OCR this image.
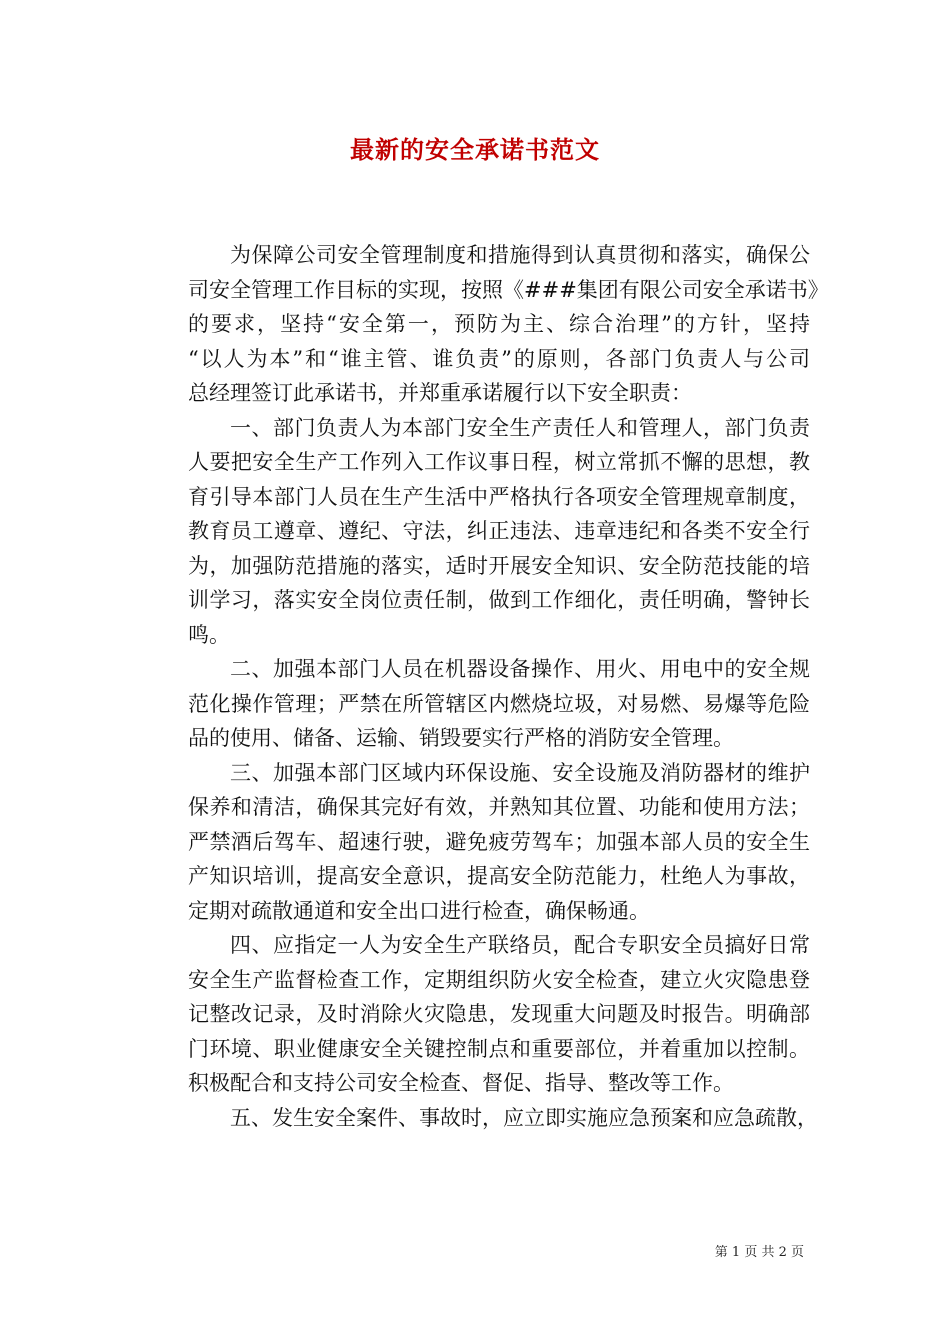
最新的安全承诺书范文
为保障公司安全管理制度和措施得到认真贯彻和落实，确保公
司安全管理工作目标的实现，按照《###集团有限公司安全承诺书》
的要求，坚持“安全第一，预防为主、综合治理”的方针，坚持
“以人为本”和“谁主管、谁负责”的原则，各部门负责人与公司
总经理签订此承诺书，并郑重承诺履行以下安全职责：
一、部门负责人为本部门安全生产责任人和管理人，部门负责
人要把安全生产工作列入工作议事日程，树立常抓不懈的思想，教
育引导本部门人员在生产生活中严格执行各项安全管理规章制度，
教育员工遵章、遵纪、守法，纠正违法、违章违纪和各类不安全行
为，加强防范措施的落实，适时开展安全知识、安全防范技能的培
训学习，落实安全岗位责任制，做到工作细化，责任明确，警钟长
鸣。
二、加强本部门人员在机器设备操作、用火、用电中的安全规
范化操作管理；严禁在所管辖区内燃烧垃圾，对易燃、易爆等危险
品的使用、储备、运输、销毁要实行严格的消防安全管理。
三、加强本部门区域内环保设施、安全设施及消防器材的维护
保养和清洁，确保其完好有效，并熟知其位置、功能和使用方法；
严禁酒后驾车、超速行驶，避免疲劳驾车；加强本部人员的安全生
产知识培训，提高安全意识，提高安全防范能力，杜绝人为事故，
定期对疏散通道和安全出口进行检查，确保畅通。
四、应指定一人为安全生产联络员，配合专职安全员搞好日常
安全生产监督检查工作，定期组织防火安全检查，建立火灾隐患登
记整改记录，及时消除火灾隐患，发现重大问题及时报告。明确部
门环境、职业健康安全关键控制点和重要部位，并着重加以控制。
积极配合和支持公司安全检查、督促、指导、整改等工作。
五、发生安全案件、事故时，应立即实施应急预案和应急疏散，
第 1 页 共 2 页
